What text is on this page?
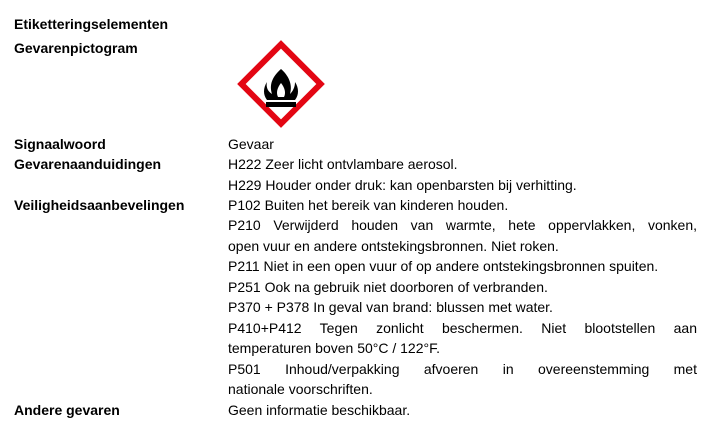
Etiketteringselementen
Gevarenpictogram
Signaalwoord	Gevaar
Gevarenaanduidingen	H222 Zeer licht ontvlambare aerosol.
H229 Houder onder druk: kan openbarsten bij verhitting.
Veiligheidsaanbevelingen	P102 Buiten het bereik van kinderen houden.
P210 Verwijderd houden van warmte, hete oppervlakken, vonken,
open vuur en andere ontstekingsbronnen. Niet roken.
P211 Niet in een open vuur of op andere ontstekingsbronnen spuiten.
P251 Ook na gebruik niet doorboren of verbranden.
P370 + P378 In geval van brand: blussen met water.
P410+P412 Tegen zonlicht beschermen. Niet blootstellen aan
temperaturen boven 50°C / 122°F.
P501 Inhoud/verpakking afvoeren in overeenstemming met
nationale voorschriften.
Andere gevaren	Geen informatie beschikbaar.
